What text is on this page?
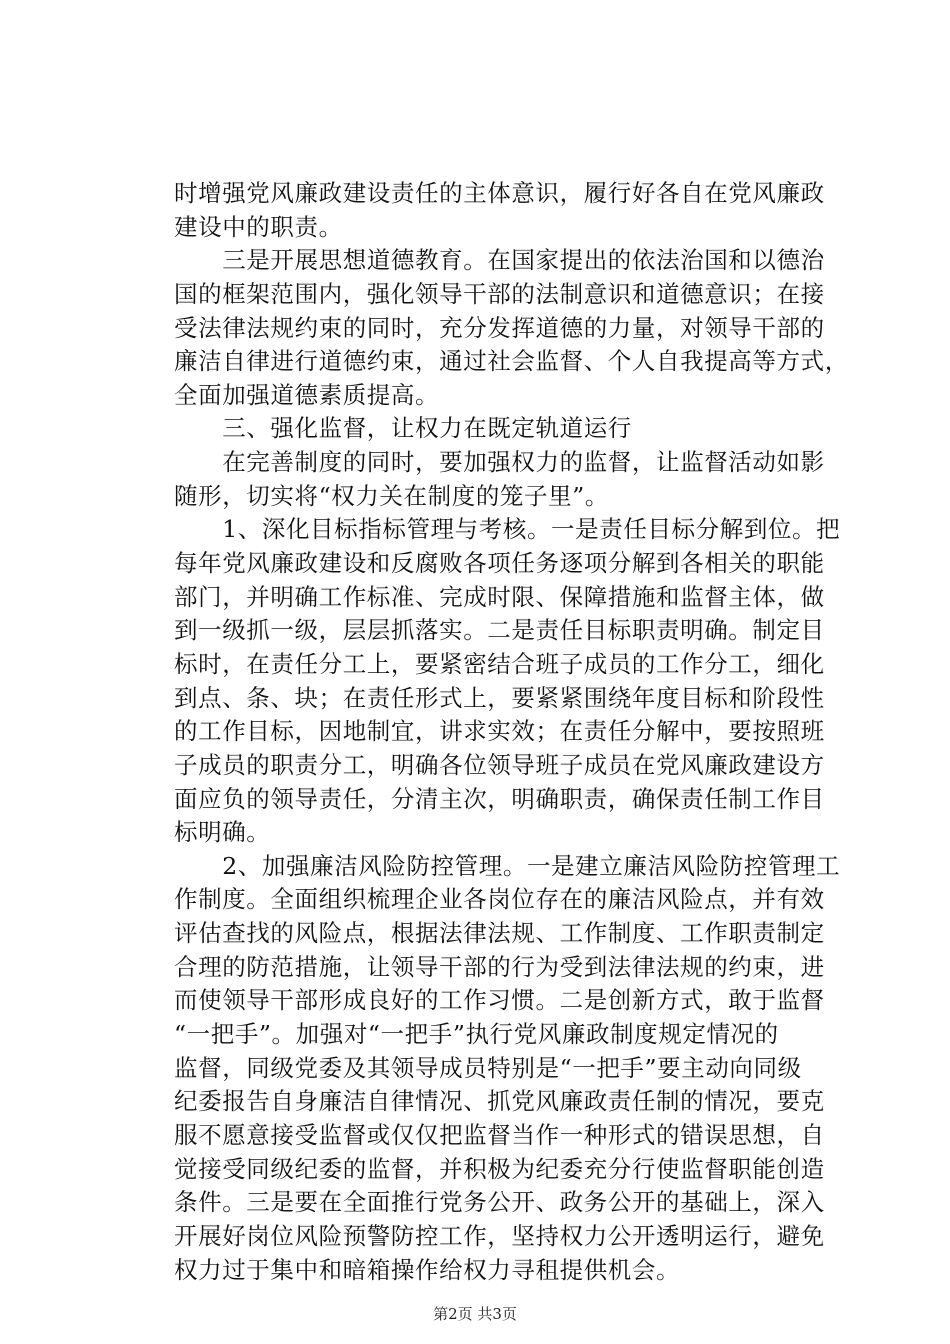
时增强党风廉政建设责任的主体意识，履行好各自在党风廉政
建设中的职责。
　　三是开展思想道德教育。在国家提出的依法治国和以德治
国的框架范围内，强化领导干部的法制意识和道德意识；在接
受法律法规约束的同时，充分发挥道德的力量，对领导干部的
廉洁自律进行道德约束，通过社会监督、个人自我提高等方式，
全面加强道德素质提高。
　　三、强化监督，让权力在既定轨道运行
　　在完善制度的同时，要加强权力的监督，让监督活动如影
随形，切实将“权力关在制度的笼子里”。
　　1、深化目标指标管理与考核。一是责任目标分解到位。把
每年党风廉政建设和反腐败各项任务逐项分解到各相关的职能
部门，并明确工作标准、完成时限、保障措施和监督主体，做
到一级抓一级，层层抓落实。二是责任目标职责明确。制定目
标时，在责任分工上，要紧密结合班子成员的工作分工，细化
到点、条、块；在责任形式上，要紧紧围绕年度目标和阶段性
的工作目标，因地制宜，讲求实效；在责任分解中，要按照班
子成员的职责分工，明确各位领导班子成员在党风廉政建设方
面应负的领导责任，分清主次，明确职责，确保责任制工作目
标明确。
　　2、加强廉洁风险防控管理。一是建立廉洁风险防控管理工
作制度。全面组织梳理企业各岗位存在的廉洁风险点，并有效
评估查找的风险点，根据法律法规、工作制度、工作职责制定
合理的防范措施，让领导干部的行为受到法律法规的约束，进
而使领导干部形成良好的工作习惯。二是创新方式，敢于监督
“一把手”。加强对“一把手”执行党风廉政制度规定情况的
监督，同级党委及其领导成员特别是“一把手”要主动向同级
纪委报告自身廉洁自律情况、抓党风廉政责任制的情况，要克
服不愿意接受监督或仅仅把监督当作一种形式的错误思想，自
觉接受同级纪委的监督，并积极为纪委充分行使监督职能创造
条件。三是要在全面推行党务公开、政务公开的基础上，深入
开展好岗位风险预警防控工作，坚持权力公开透明运行，避免
权力过于集中和暗箱操作给权力寻租提供机会。
第2页 共3页
